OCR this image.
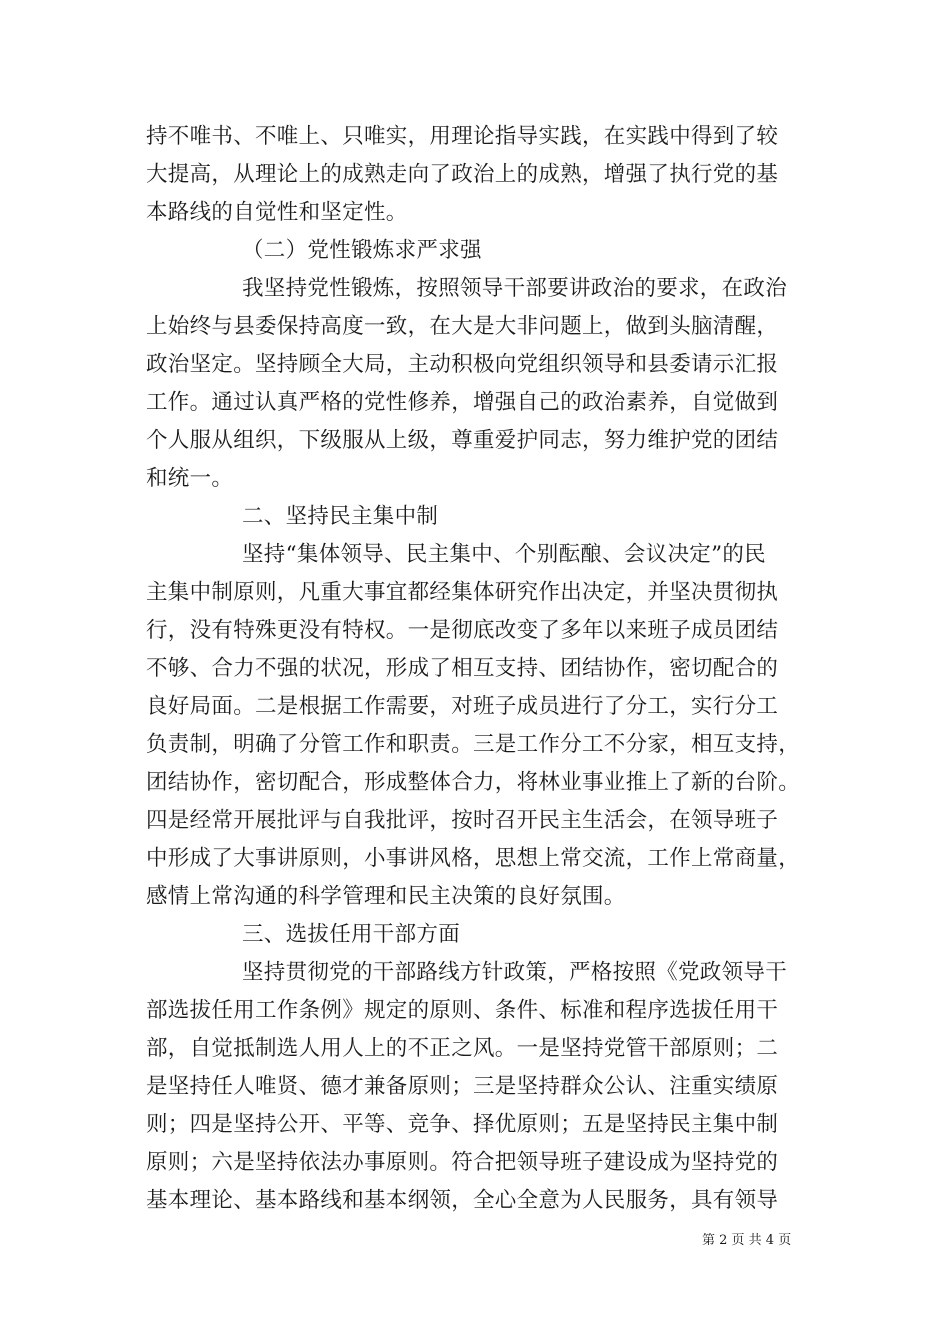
持不唯书、不唯上、只唯实，用理论指导实践，在实践中得到了较
大提高，从理论上的成熟走向了政治上的成熟，增强了执行党的基
本路线的自觉性和坚定性。
（二）党性锻炼求严求强
我坚持党性锻炼，按照领导干部要讲政治的要求，在政治
上始终与县委保持高度一致，在大是大非问题上，做到头脑清醒，
政治坚定。坚持顾全大局，主动积极向党组织领导和县委请示汇报
工作。通过认真严格的党性修养，增强自己的政治素养，自觉做到
个人服从组织，下级服从上级，尊重爱护同志，努力维护党的团结
和统一。
二、坚持民主集中制
坚持“集体领导、民主集中、个别酝酿、会议决定”的民
主集中制原则，凡重大事宜都经集体研究作出决定，并坚决贯彻执
行，没有特殊更没有特权。一是彻底改变了多年以来班子成员团结
不够、合力不强的状况，形成了相互支持、团结协作，密切配合的
良好局面。二是根据工作需要，对班子成员进行了分工，实行分工
负责制，明确了分管工作和职责。三是工作分工不分家，相互支持，
团结协作，密切配合，形成整体合力，将林业事业推上了新的台阶。
四是经常开展批评与自我批评，按时召开民主生活会，在领导班子
中形成了大事讲原则，小事讲风格，思想上常交流，工作上常商量，
感情上常沟通的科学管理和民主决策的良好氛围。
三、选拔任用干部方面
坚持贯彻党的干部路线方针政策，严格按照《党政领导干
部选拔任用工作条例》规定的原则、条件、标准和程序选拔任用干
部，自觉抵制选人用人上的不正之风。一是坚持党管干部原则；二
是坚持任人唯贤、德才兼备原则；三是坚持群众公认、注重实绩原
则；四是坚持公开、平等、竞争、择优原则；五是坚持民主集中制
原则；六是坚持依法办事原则。符合把领导班子建设成为坚持党的
基本理论、基本路线和基本纲领，全心全意为人民服务，具有领导
第 2 页 共 4 页
